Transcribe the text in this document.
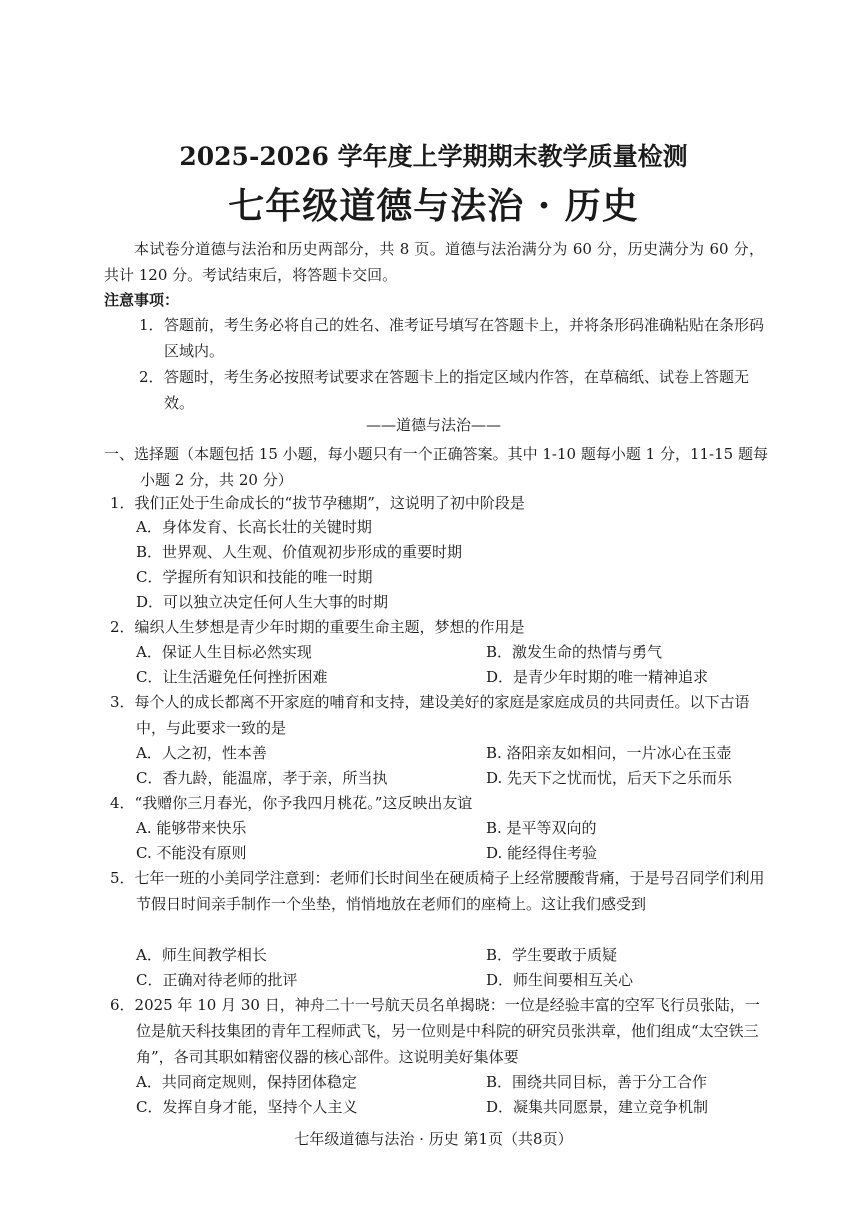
2025-2026 学年度上学期期末教学质量检测
七年级道德与法治 · 历史
本试卷分道德与法治和历史两部分，共 8 页。道德与法治满分为 60 分，历史满分为 60 分，共计 120 分。考试结束后，将答题卡交回。
注意事项：
1． 答题前，考生务必将自己的姓名、准考证号填写在答题卡上，并将条形码准确粘贴在条形码区域内。
2． 答题时，考生务必按照考试要求在答题卡上的指定区域内作答，在草稿纸、试卷上答题无效。
——道德与法治——
一、选择题（本题包括 15 小题，每小题只有一个正确答案。其中 1-10 题每小题 1 分，11-15 题每小题 2 分，共 20 分）
1．我们正处于生命成长的“拔节孕穗期”，这说明了初中阶段是
A．身体发育、长高长壮的关键时期
B．世界观、人生观、价值观初步形成的重要时期
C．学握所有知识和技能的唯一时期
D．可以独立决定任何人生大事的时期
2．编织人生梦想是青少年时期的重要生命主题，梦想的作用是
A．保证人生目标必然实现	B．激发生命的热情与勇气
C．让生活避免任何挫折困难	D．是青少年时期的唯一精神追求
3．每个人的成长都离不开家庭的哺育和支持，建设美好的家庭是家庭成员的共同责任。以下古语中，与此要求一致的是
A．人之初，性本善	B. 洛阳亲友如相问，一片冰心在玉壶
C．香九龄，能温席，孝于亲，所当执	D. 先天下之忧而忧，后天下之乐而乐
4．“我赠你三月春光，你予我四月桃花。”这反映出友谊
A. 能够带来快乐	B. 是平等双向的
C. 不能没有原则	D. 能经得住考验
5．七年一班的小美同学注意到：老师们长时间坐在硬质椅子上经常腰酸背痛，于是号召同学们利用节假日时间亲手制作一个坐垫，悄悄地放在老师们的座椅上。这让我们感受到
A．师生间教学相长	B．学生要敢于质疑
C．正确对待老师的批评	D．师生间要相互关心
6．2025 年 10 月 30 日，神舟二十一号航天员名单揭晓：一位是经验丰富的空军飞行员张陆，一位是航天科技集团的青年工程师武飞，另一位则是中科院的研究员张洪章，他们组成“太空铁三角”，各司其职如精密仪器的核心部件。这说明美好集体要
A．共同商定规则，保持团体稳定	B．围绕共同目标，善于分工合作
C．发挥自身才能，坚持个人主义	D．凝集共同愿景，建立竞争机制
七年级道德与法治 · 历史 第1页（共8页）
